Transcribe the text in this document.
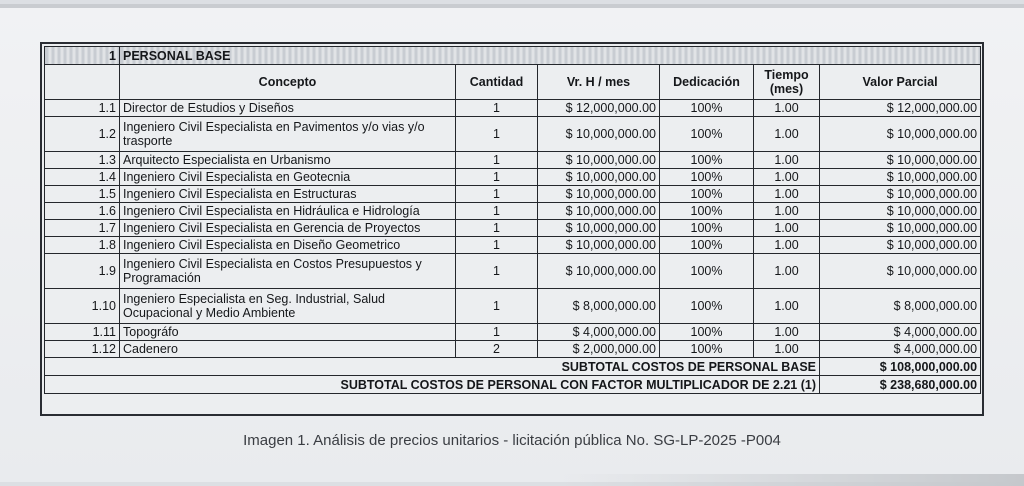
1	PERSONAL BASE					
	Concepto	Cantidad	Vr. H / mes	Dedicación	Tiempo (mes)	Valor Parcial
1.1	Director de Estudios y Diseños	1	$ 12,000,000.00	100%	1.00	$ 12,000,000.00
1.2	Ingeniero Civil Especialista en Pavimentos y/o vias y/o trasporte	1	$ 10,000,000.00	100%	1.00	$ 10,000,000.00
1.3	Arquitecto Especialista en Urbanismo	1	$ 10,000,000.00	100%	1.00	$ 10,000,000.00
1.4	Ingeniero Civil Especialista en Geotecnia	1	$ 10,000,000.00	100%	1.00	$ 10,000,000.00
1.5	Ingeniero Civil Especialista en Estructuras	1	$ 10,000,000.00	100%	1.00	$ 10,000,000.00
1.6	Ingeniero Civil Especialista en Hidráulica e Hidrología	1	$ 10,000,000.00	100%	1.00	$ 10,000,000.00
1.7	Ingeniero Civil Especialista en Gerencia de Proyectos	1	$ 10,000,000.00	100%	1.00	$ 10,000,000.00
1.8	Ingeniero Civil Especialista en Diseño Geometrico	1	$ 10,000,000.00	100%	1.00	$ 10,000,000.00
1.9	Ingeniero Civil Especialista en Costos Presupuestos y Programación	1	$ 10,000,000.00	100%	1.00	$ 10,000,000.00
1.10	Ingeniero Especialista en Seg. Industrial, Salud Ocupacional y Medio Ambiente	1	$ 8,000,000.00	100%	1.00	$ 8,000,000.00
1.11	Topográfo	1	$ 4,000,000.00	100%	1.00	$ 4,000,000.00
1.12	Cadenero	2	$ 2,000,000.00	100%	1.00	$ 4,000,000.00
SUBTOTAL COSTOS DE PERSONAL BASE						$ 108,000,000.00
SUBTOTAL COSTOS DE PERSONAL CON FACTOR MULTIPLICADOR DE 2.21 (1)						$ 238,680,000.00
Imagen 1. Análisis de precios unitarios - licitación pública No. SG-LP-2025 -P004
